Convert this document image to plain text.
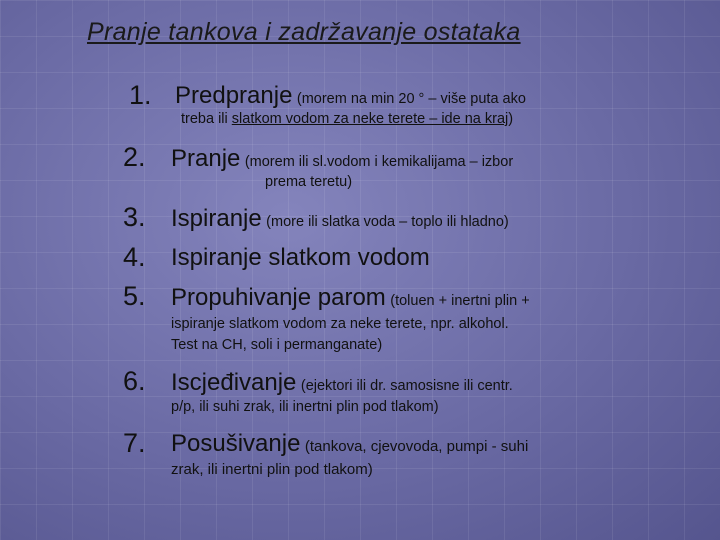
Pranje tankova i zadržavanje ostataka
1. Predpranje (morem na min 20 ° – više puta ako
treba ili slatkom vodom za neke terete – ide na kraj)
2. Pranje (morem ili sl.vodom i kemikalijama – izbor
prema teretu)
3. Ispiranje (more ili slatka voda – toplo ili hladno)
4. Ispiranje slatkom vodom
5. Propuhivanje parom (toluen + inertni plin +
ispiranje slatkom vodom za neke terete, npr. alkohol.
Test na CH, soli i permanganate)
6. Iscjeđivanje (ejektori ili dr. samosisne ili centr.
p/p, ili suhi zrak, ili inertni plin pod tlakom)
7. Posušivanje (tankova, cjevovoda, pumpi - suhi
zrak, ili inertni plin pod tlakom)
